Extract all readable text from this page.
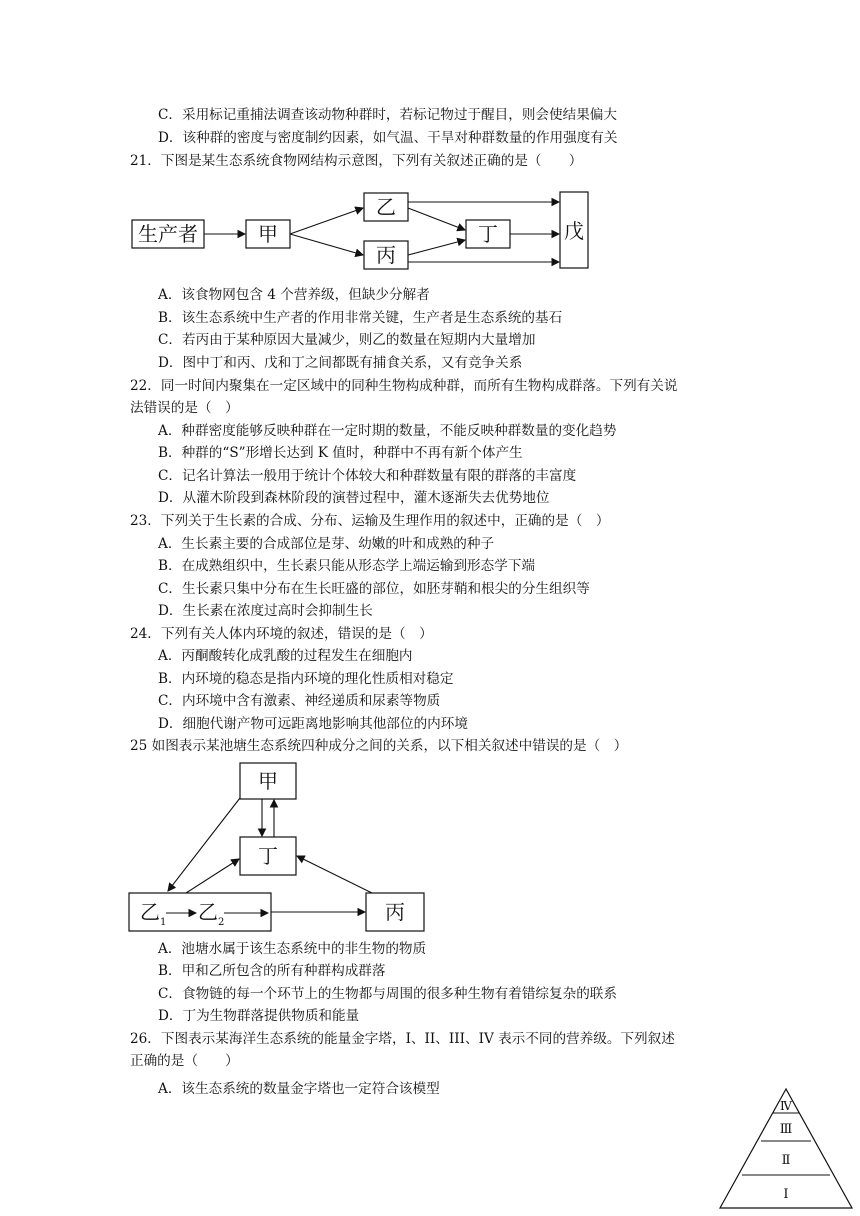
C．采用标记重捕法调查该动物种群时，若标记物过于醒目，则会使结果偏大
D．该种群的密度与密度制约因素，如气温、干旱对种群数量的作用强度有关
21．下图是某生态系统食物网结构示意图，下列有关叙述正确的是（　　）
生产者	甲
乙
丙
丁	戊
A．该食物网包含 4 个营养级，但缺少分解者
B．该生态系统中生产者的作用非常关键，生产者是生态系统的基石
C．若丙由于某种原因大量减少，则乙的数量在短期内大量增加
D．图中丁和丙、戊和丁之间都既有捕食关系，又有竞争关系
22．同一时间内聚集在一定区域中的同种生物构成种群，而所有生物构成群落。下列有关说
法错误的是（　）
A．种群密度能够反映种群在一定时期的数量，不能反映种群数量的变化趋势
B．种群的“S”形增长达到 K 值时，种群中不再有新个体产生
C．记名计算法一般用于统计个体较大和种群数量有限的群落的丰富度
D．从灌木阶段到森林阶段的演替过程中，灌木逐渐失去优势地位
23．下列关于生长素的合成、分布、运输及生理作用的叙述中，正确的是（　）
A．生长素主要的合成部位是芽、幼嫩的叶和成熟的种子
B．在成熟组织中，生长素只能从形态学上端运输到形态学下端
C．生长素只集中分布在生长旺盛的部位，如胚芽鞘和根尖的分生组织等
D．生长素在浓度过高时会抑制生长
24．下列有关人体内环境的叙述，错误的是（　）
A．丙酮酸转化成乳酸的过程发生在细胞内
B．内环境的稳态是指内环境的理化性质相对稳定
C．内环境中含有激素、神经递质和尿素等物质
D．细胞代谢产物可远距离地影响其他部位的内环境
25 如图表示某池塘生态系统四种成分之间的关系，以下相关叙述中错误的是（　）
甲
丁
乙 1 乙 2	丙
A．池塘水属于该生态系统中的非生物的物质
B．甲和乙所包含的所有种群构成群落
C．食物链的每一个环节上的生物都与周围的很多种生物有着错综复杂的联系
D．丁为生物群落提供物质和能量
26．下图表示某海洋生态系统的能量金字塔，I、II、III、IV 表示不同的营养级。下列叙述
正确的是（　　）
A．该生态系统的数量金字塔也一定符合该模型
Ⅳ
Ⅲ
Ⅱ
Ⅰ
